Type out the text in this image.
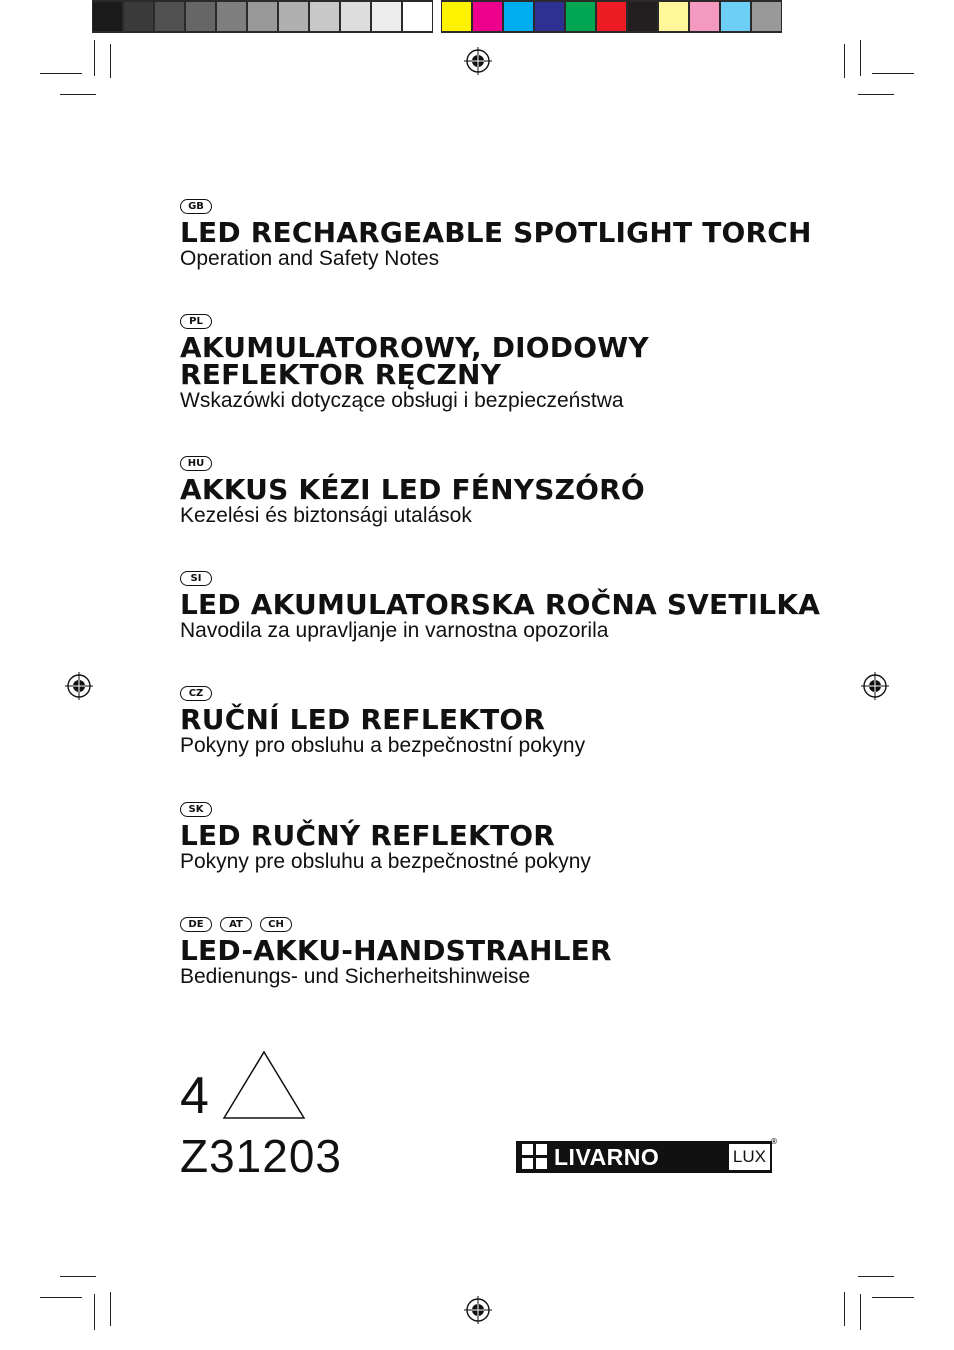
GB
LED RECHARGEABLE SPOTLIGHT TORCH
Operation and Safety Notes
PL
AKUMULATOROWY, DIODOWY
REFLEKTOR RĘCZNY
Wskazówki dotyczące obsługi i bezpieczeństwa
HU
AKKUS KÉZI LED FÉNYSZÓRÓ
Kezelési és biztonsági utalások
SI
LED AKUMULATORSKA ROČNA SVETILKA
Navodila za upravljanje in varnostna opozorila
CZ
RUČNÍ LED REFLEKTOR
Pokyny pro obsluhu a bezpečnostní pokyny
SK
LED RUČNÝ REFLEKTOR
Pokyny pre obsluhu a bezpečnostné pokyny
DE	AT	CH
LED-AKKU-HANDSTRAHLER
Bedienungs- und Sicherheitshinweise
4
Z31203	LIVARNO	LUX
®
